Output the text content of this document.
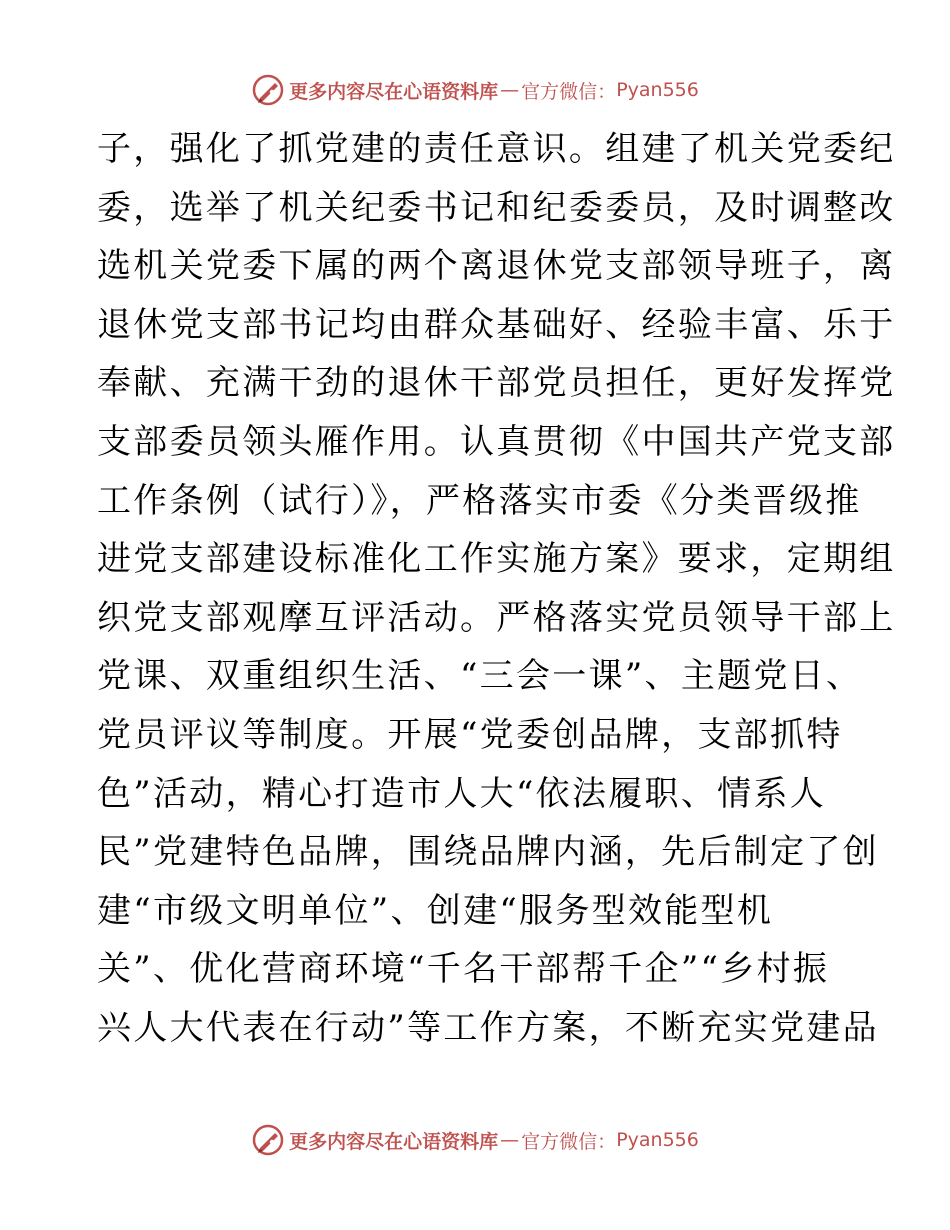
更多内容尽在心语资料库 — 官方微信： Pyan556
子，强化了抓党建的责任意识。组建了机关党委纪
委，选举了机关纪委书记和纪委委员，及时调整改
选机关党委下属的两个离退休党支部领导班子，离
退休党支部书记均由群众基础好、经验丰富、乐于
奉献、充满干劲的退休干部党员担任，更好发挥党
支部委员领头雁作用。认真贯彻《中国共产党支部
工作条例（试行）》，严格落实市委《分类晋级推
进党支部建设标准化工作实施方案》要求，定期组
织党支部观摩互评活动。严格落实党员领导干部上
党课、双重组织生活、“三会一课”、主题党日、
党员评议等制度。开展“党委创品牌，支部抓特
色”活动，精心打造市人大“依法履职、情系人
民”党建特色品牌，围绕品牌内涵，先后制定了创
建“市级文明单位”、创建“服务型效能型机
关”、优化营商环境“千名干部帮千企”“乡村振
兴人大代表在行动”等工作方案，不断充实党建品
更多内容尽在心语资料库 — 官方微信： Pyan556
